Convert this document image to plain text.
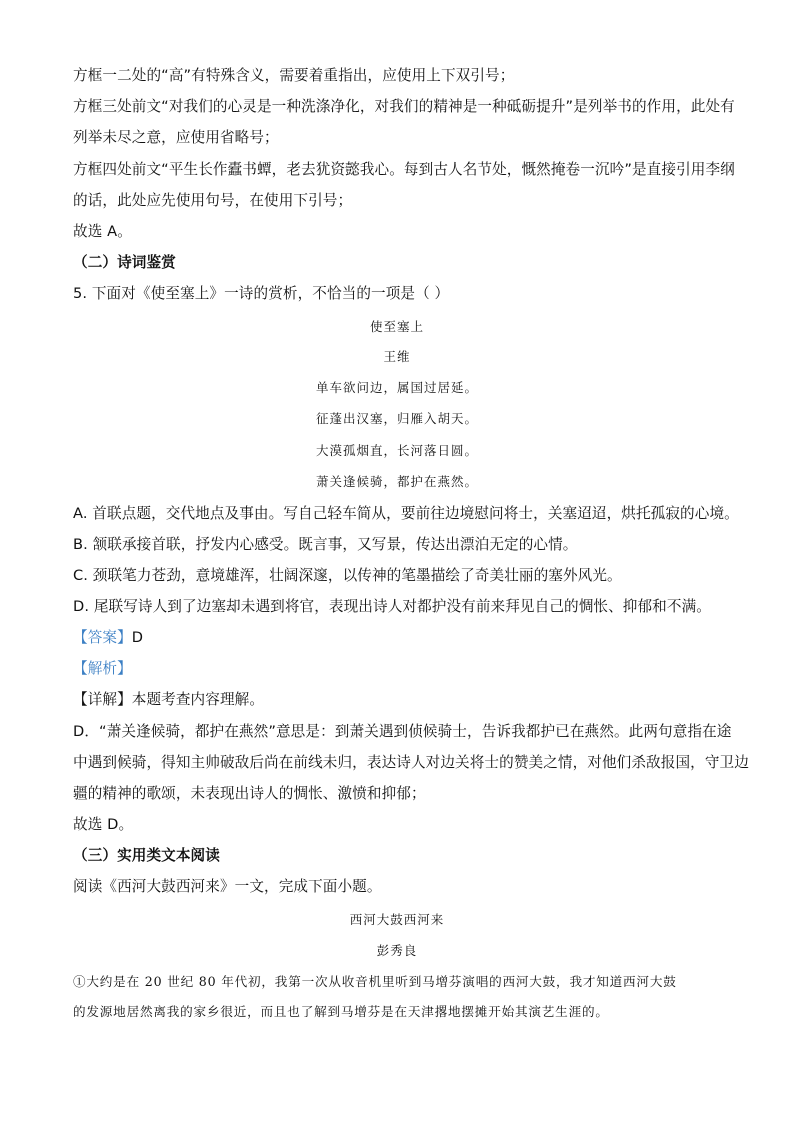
方框一二处的“高”有特殊含义，需要着重指出，应使用上下双引号；
方框三处前文“对我们的心灵是一种洗涤净化，对我们的精神是一种砥砺提升”是列举书的作用，此处有
列举未尽之意，应使用省略号；
方框四处前文“平生长作蠹书蟫，老去犹资懿我心。每到古人名节处，慨然掩卷一沉吟”是直接引用李纲
的话，此处应先使用句号，在使用下引号；
故选 A。
（二）诗词鉴赏
5. 下面对《使至塞上》一诗的赏析，不恰当的一项是（ ）
使至塞上
王维
单车欲问边，属国过居延。
征蓬出汉塞，归雁入胡天。
大漠孤烟直，长河落日圆。
萧关逢候骑，都护在燕然。
A. 首联点题，交代地点及事由。写自己轻车简从，要前往边境慰问将士，关塞迢迢，烘托孤寂的心境。
B. 颔联承接首联，抒发内心感受。既言事，又写景，传达出漂泊无定的心情。
C. 颈联笔力苍劲，意境雄浑，壮阔深邃，以传神的笔墨描绘了奇美壮丽的塞外风光。
D. 尾联写诗人到了边塞却未遇到将官，表现出诗人对都护没有前来拜见自己的惆怅、抑郁和不满。
【答案】D
【解析】
【详解】本题考查内容理解。
D．“萧关逢候骑，都护在燕然”意思是：到萧关遇到侦候骑士，告诉我都护已在燕然。此两句意指在途
中遇到候骑，得知主帅破敌后尚在前线未归，表达诗人对边关将士的赞美之情，对他们杀敌报国，守卫边
疆的精神的歌颂，未表现出诗人的惆怅、激愤和抑郁；
故选 D。
（三）实用类文本阅读
阅读《西河大鼓西河来》一文，完成下面小题。
西河大鼓西河来
彭秀良
①大约是在 20 世纪 80 年代初，我第一次从收音机里听到马增芬演唱的西河大鼓，我才知道西河大鼓
的发源地居然离我的家乡很近，而且也了解到马增芬是在天津撂地摆摊开始其演艺生涯的。
